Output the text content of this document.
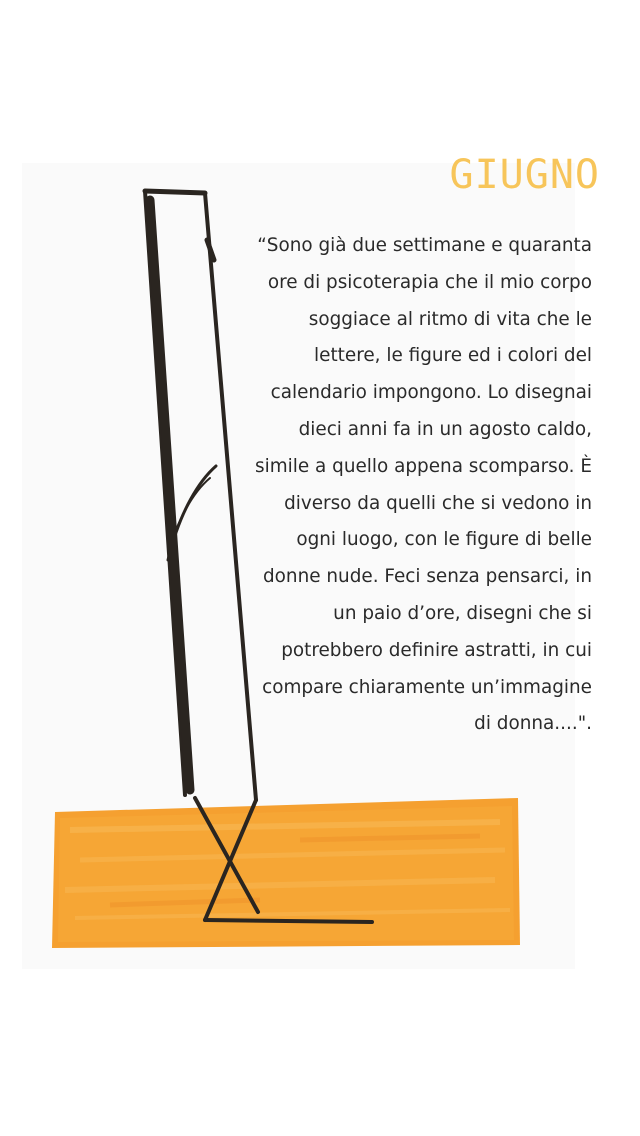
GIUGNO

“Sono già due settimane e quaranta ore di psicoterapia che il mio corpo soggiace al ritmo di vita che le lettere, le figure ed i colori del calendario impongono. Lo disegnai dieci anni fa in un agosto caldo, simile a quello appena scomparso. È diverso da quelli che si vedono in ogni luogo, con le figure di belle donne nude. Feci senza pensarci, in un paio d’ore, disegni che si potrebbero definire astratti, in cui compare chiaramente un’immagine di donna....".
